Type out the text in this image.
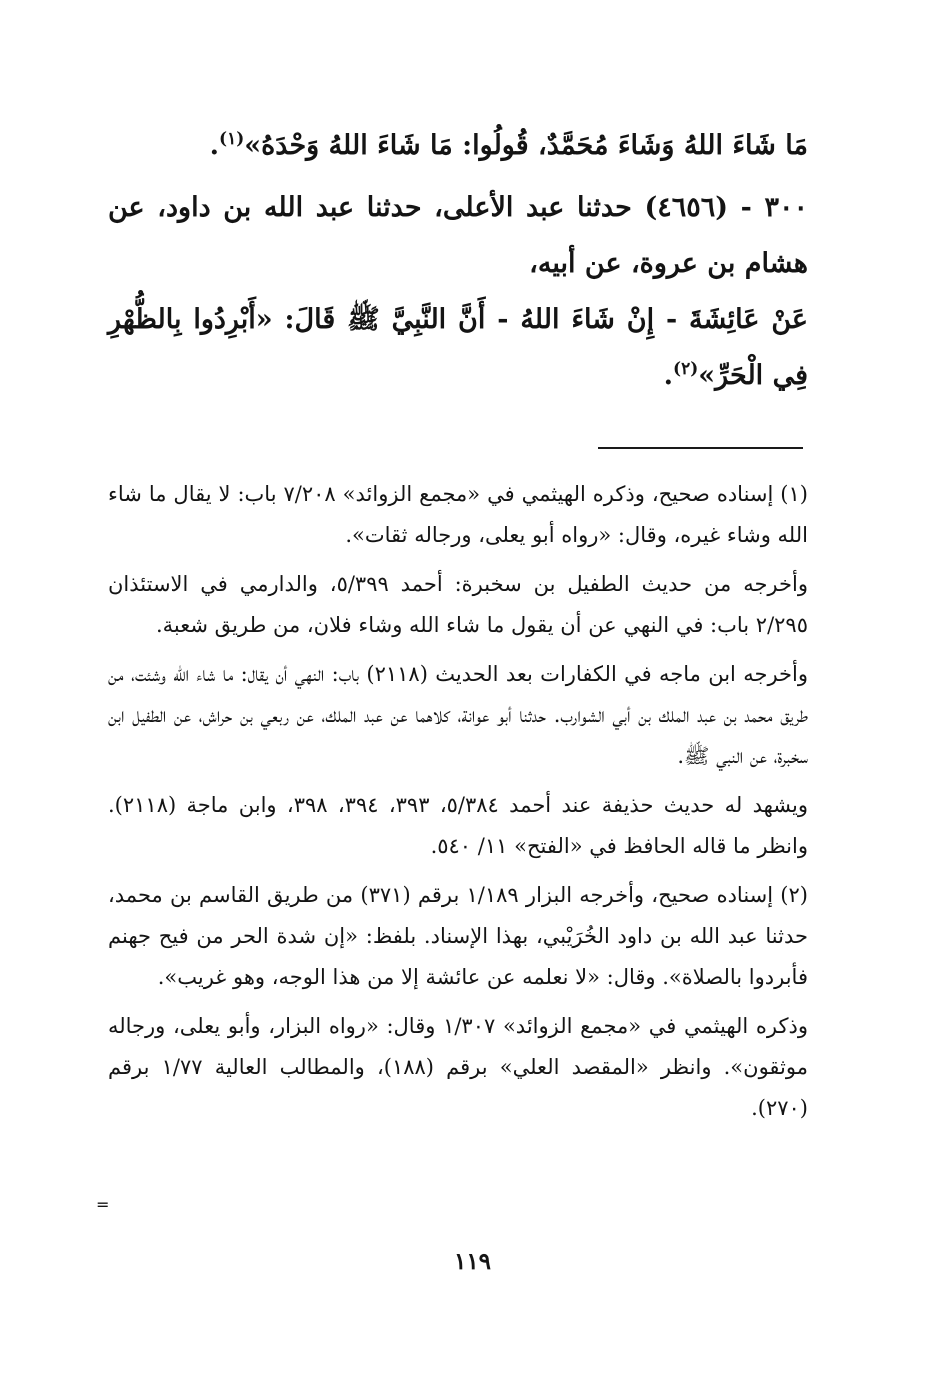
مَا شَاءَ اللهُ وَشَاءَ مُحَمَّدٌ، قُولُوا: مَا شَاءَ اللهُ وَحْدَهُ»$^{(١)}$.

٣٠٠ - (٤٦٥٦) حدثنا عبد الأعلى، حدثنا عبد الله بن داود، عن هشام بن عروة، عن أبيه،

عَنْ عَائِشَةَ - إِنْ شَاءَ اللهُ - أَنَّ النَّبِيَّ ﷺ قَالَ: «أَبْرِدُوا بِالظُّهْرِ فِي الْحَرِّ»$^{(٢)}$.

(١) إسناده صحيح، وذكره الهيثمي في «مجمع الزوائد» ٧/٢٠٨ باب: لا يقال ما شاء الله وشاء غيره، وقال: «رواه أبو يعلى، ورجاله ثقات».

وأخرجه من حديث الطفيل بن سخبرة: أحمد ٥/٣٩٩، والدارمي في الاستئذان ٢/٢٩٥ باب: في النهي عن أن يقول ما شاء الله وشاء فلان، من طريق شعبة.

وأخرجه ابن ماجه في الكفارات بعد الحديث (٢١١٨) باب: النهي أن يقال: ما شاء الله وشئت، من طريق محمد بن عبد الملك بن أبي الشوارب. حدثنا أبو عوانة، كلاهما عن عبد الملك، عن ربعي بن حراش، عن الطفيل ابن سخبرة، عن النبي ﷺ.

ويشهد له حديث حذيفة عند أحمد ٥/٣٨٤، ٣٩٣، ٣٩٤، ٣٩٨، وابن ماجة (٢١١٨). وانظر ما قاله الحافظ في «الفتح» ١١/ ٥٤٠.

(٢) إسناده صحيح، وأخرجه البزار ١/١٨٩ برقم (٣٧١) من طريق القاسم بن محمد، حدثنا عبد الله بن داود الخُرَيْبي، بهذا الإسناد. بلفظ: «إن شدة الحر من فيح جهنم فأبردوا بالصلاة». وقال: «لا نعلمه عن عائشة إلا من هذا الوجه، وهو غريب».

وذكره الهيثمي في «مجمع الزوائد» ١/٣٠٧ وقال: «رواه البزار، وأبو يعلى، ورجاله موثقون». وانظر «المقصد العلي» برقم (١٨٨)، والمطالب العالية ١/٧٧ برقم (٢٧٠).

=
١١٩
